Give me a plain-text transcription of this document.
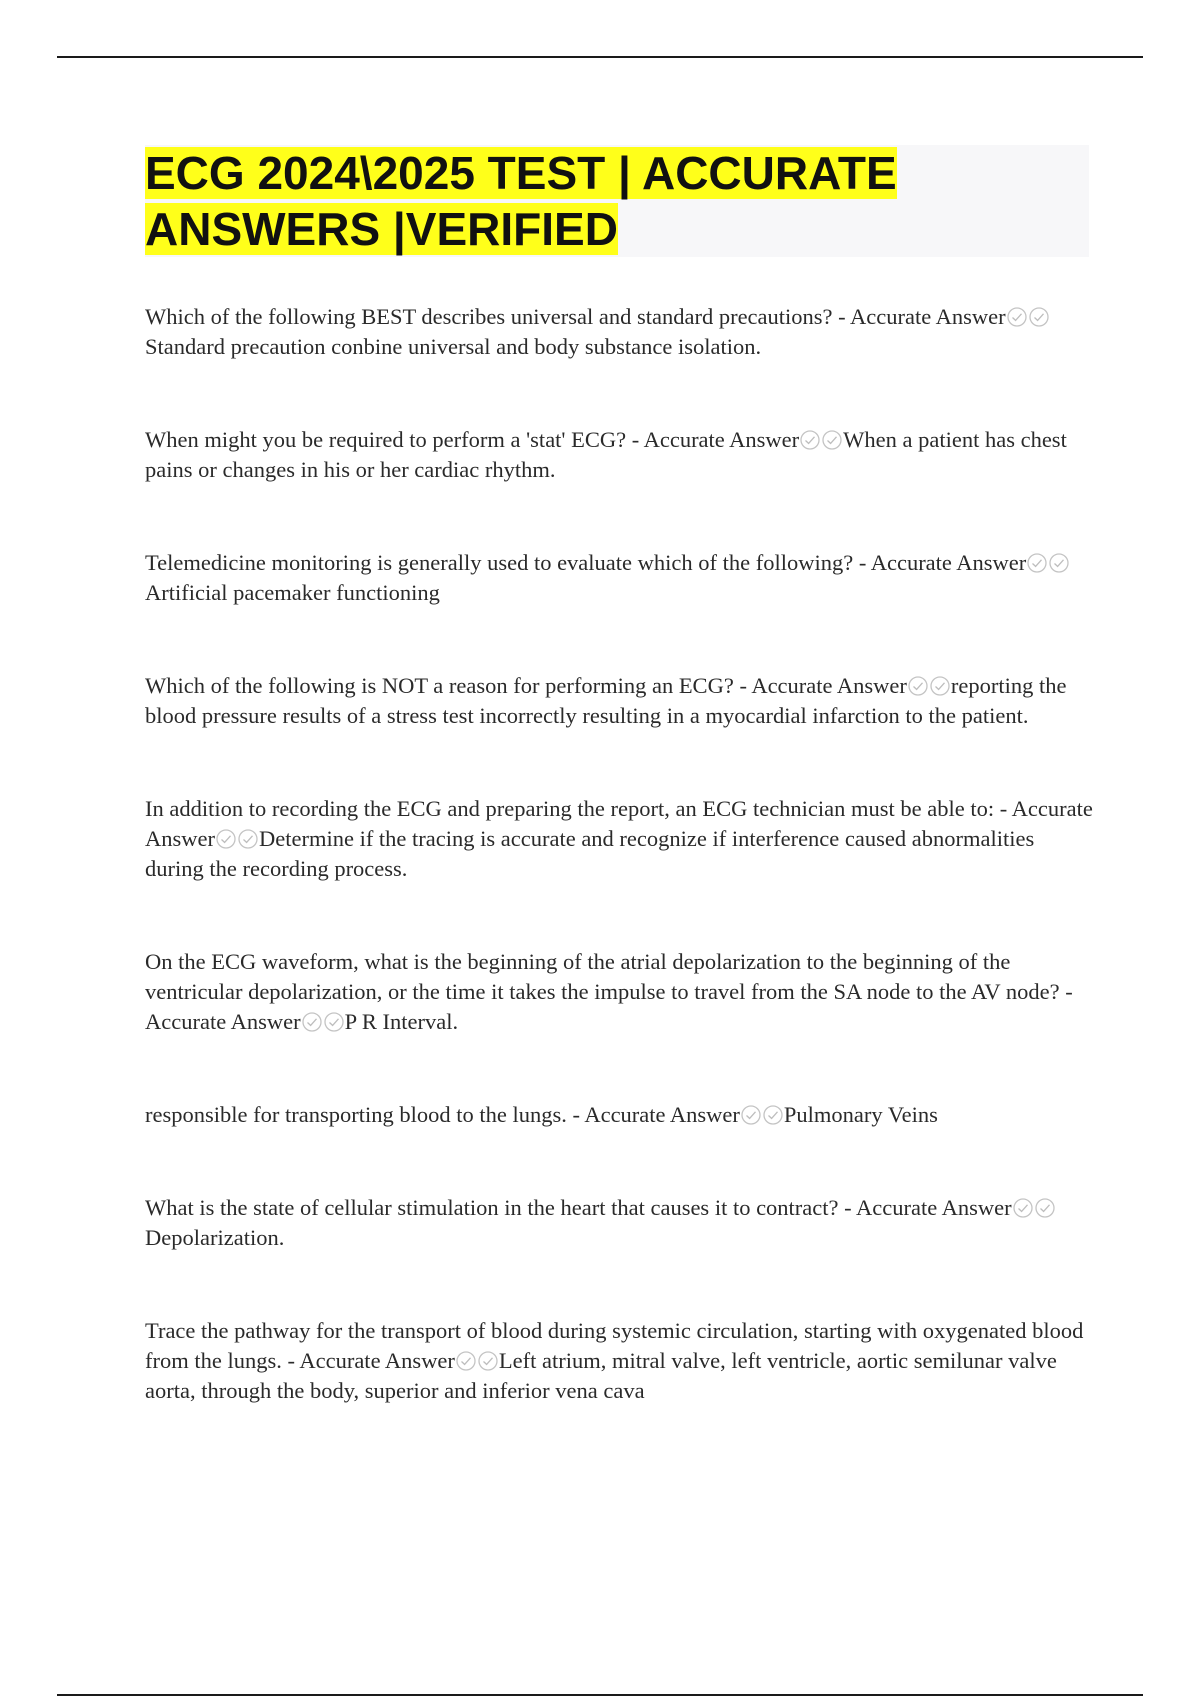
ECG 2024\2025 TEST | ACCURATE ANSWERS |VERIFIED
Which of the following BEST describes universal and standard precautions? - Accurate Answer
Standard precaution conbine universal and body substance isolation.
When might you be required to perform a 'stat' ECG? - Accurate Answer When a patient has chest pains or changes in his or her cardiac rhythm.
Telemedicine monitoring is generally used to evaluate which of the following? - Accurate Answer
Artificial pacemaker functioning
Which of the following is NOT a reason for performing an ECG? - Accurate Answer reporting the blood pressure results of a stress test incorrectly resulting in a myocardial infarction to the patient.
In addition to recording the ECG and preparing the report, an ECG technician must be able to: - Accurate Answer Determine if the tracing is accurate and recognize if interference caused abnormalities during the recording process.
On the ECG waveform, what is the beginning of the atrial depolarization to the beginning of the ventricular depolarization, or the time it takes the impulse to travel from the SA node to the AV node? - Accurate Answer P R Interval.
responsible for transporting blood to the lungs. - Accurate Answer Pulmonary Veins
What is the state of cellular stimulation in the heart that causes it to contract? - Accurate Answer
Depolarization.
Trace the pathway for the transport of blood during systemic circulation, starting with oxygenated blood from the lungs. - Accurate Answer Left atrium, mitral valve, left ventricle, aortic semilunar valve aorta, through the body, superior and inferior vena cava
